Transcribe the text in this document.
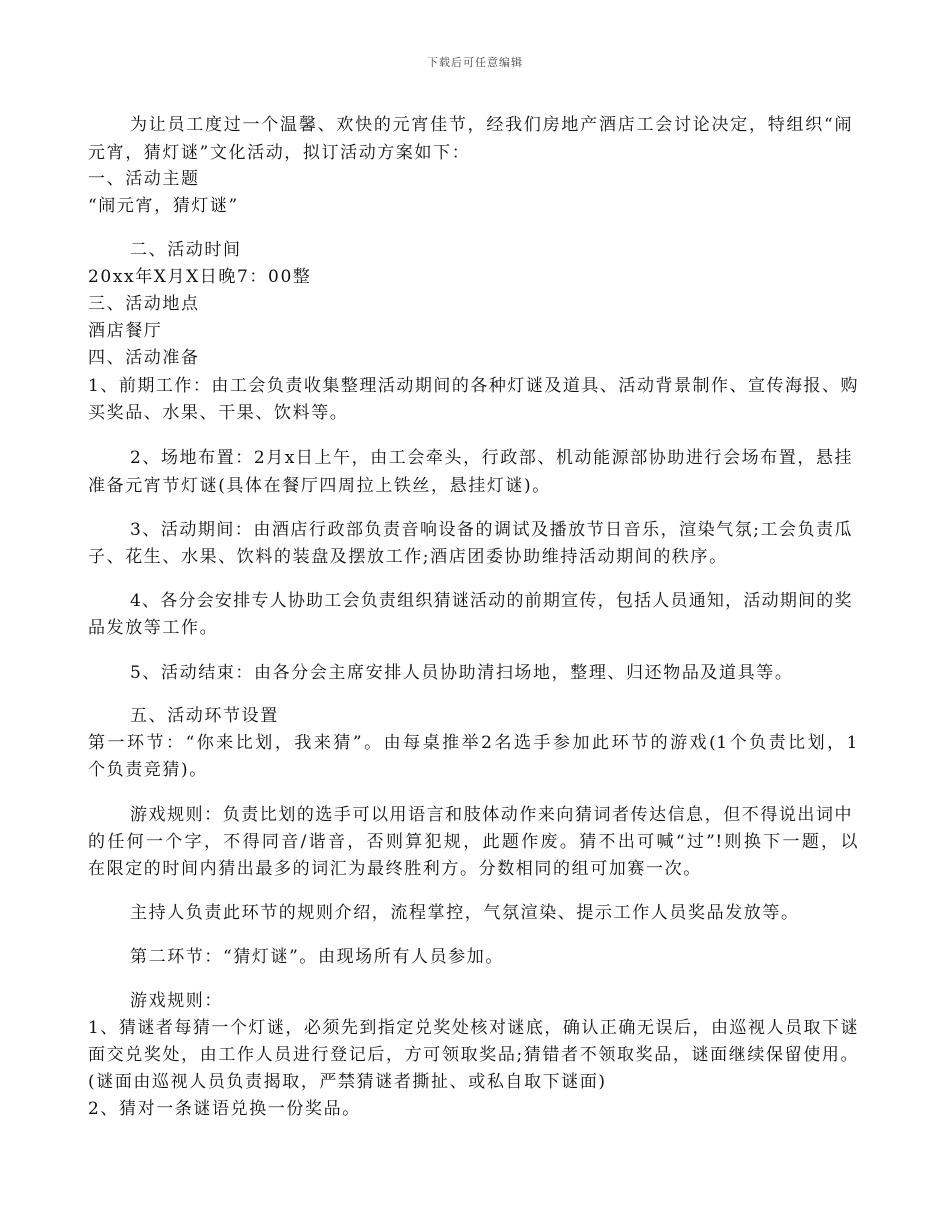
下载后可任意编辑
为让员工度过一个温馨、欢快的元宵佳节，经我们房地产酒店工会讨论决定，特组织“闹
元宵，猜灯谜”文化活动，拟订活动方案如下：
一、活动主题
“闹元宵，猜灯谜”
二、活动时间
20xx年X月X日晚7：00整
三、活动地点
酒店餐厅
四、活动准备
1、前期工作：由工会负责收集整理活动期间的各种灯谜及道具、活动背景制作、宣传海报、购
买奖品、水果、干果、饮料等。
2、场地布置：2月x日上午，由工会牵头，行政部、机动能源部协助进行会场布置，悬挂
准备元宵节灯谜(具体在餐厅四周拉上铁丝，悬挂灯谜)。
3、活动期间：由酒店行政部负责音响设备的调试及播放节日音乐，渲染气氛;工会负责瓜
子、花生、水果、饮料的装盘及摆放工作;酒店团委协助维持活动期间的秩序。
4、各分会安排专人协助工会负责组织猜谜活动的前期宣传，包括人员通知，活动期间的奖
品发放等工作。
5、活动结束：由各分会主席安排人员协助清扫场地，整理、归还物品及道具等。
五、活动环节设置
第一环节：“你来比划，我来猜”。由每桌推举2名选手参加此环节的游戏(1个负责比划，1
个负责竞猜)。
游戏规则：负责比划的选手可以用语言和肢体动作来向猜词者传达信息，但不得说出词中
的任何一个字，不得同音/谐音，否则算犯规，此题作废。猜不出可喊“过”!则换下一题，以
在限定的时间内猜出最多的词汇为最终胜利方。分数相同的组可加赛一次。
主持人负责此环节的规则介绍，流程掌控，气氛渲染、提示工作人员奖品发放等。
第二环节：“猜灯谜”。由现场所有人员参加。
游戏规则：
1、猜谜者每猜一个灯谜，必须先到指定兑奖处核对谜底，确认正确无误后，由巡视人员取下谜
面交兑奖处，由工作人员进行登记后，方可领取奖品;猜错者不领取奖品，谜面继续保留使用。
(谜面由巡视人员负责揭取，严禁猜谜者撕扯、或私自取下谜面)
2、猜对一条谜语兑换一份奖品。
